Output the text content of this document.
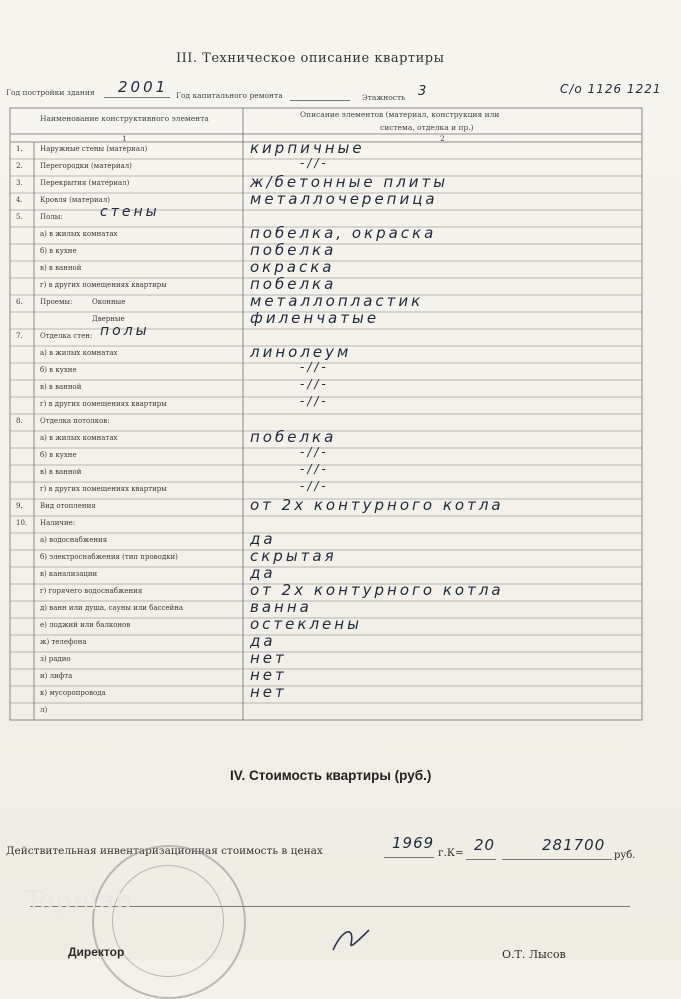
III. Техническое описание квартиры
Год постройки здания 2001 Год капитального ремонта	Этажность 3	С/о 1126 1221
Наименование конструктивного элемента	Описание элементов (материал, конструкция или
система, отделка и пр.)
1	2
1. Наружные стены (материал)	кирпичные
2. Перегородки (материал)	-//-
3. Перекрытия (материал)	ж/бетонные плиты
4. Кровля (материал)	металлочерепица
5. Полы:	стены
а) в жилых комнатах	побелка, окраска
б) в кухне	побелка
в) в ванной	окраска
г) в других помещениях квартиры	побелка
6. Проемы:	Оконные	металлопластик
Дверные	филенчатые
7. Отделка стен: полы
а) в жилых комнатах	линолеум
б) в кухне	-//-
в) в ванной	-//-
г) в других помещениях квартиры	-//-
8. Отделка потолков:
а) в жилых комнатах	побелка
б) в кухне	-//-
в) в ванной	-//-
г) в других помещениях квартиры	-//-
9. Вид отопления	от 2х контурного котла
10. Наличие:
а) водоснабжения	да
б) электроснабжения (тип проводки)	скрытая
в) канализации	да
г) горячего водоснабжения	от 2х контурного котла
д) ванн или душа, сауны или бассейна	ванна
е) лоджий или балконов	остеклены
ж) телефона	да
з) радио	нет
и) лифта	нет
к) мусоропровода	нет
л)
IV. Стоимость квартиры (руб.)
Действительная инвентаризационная стоимость в ценах	1969
г.К= 20	281700
руб.
Topnlab
Директор	О.Т. Лысов
